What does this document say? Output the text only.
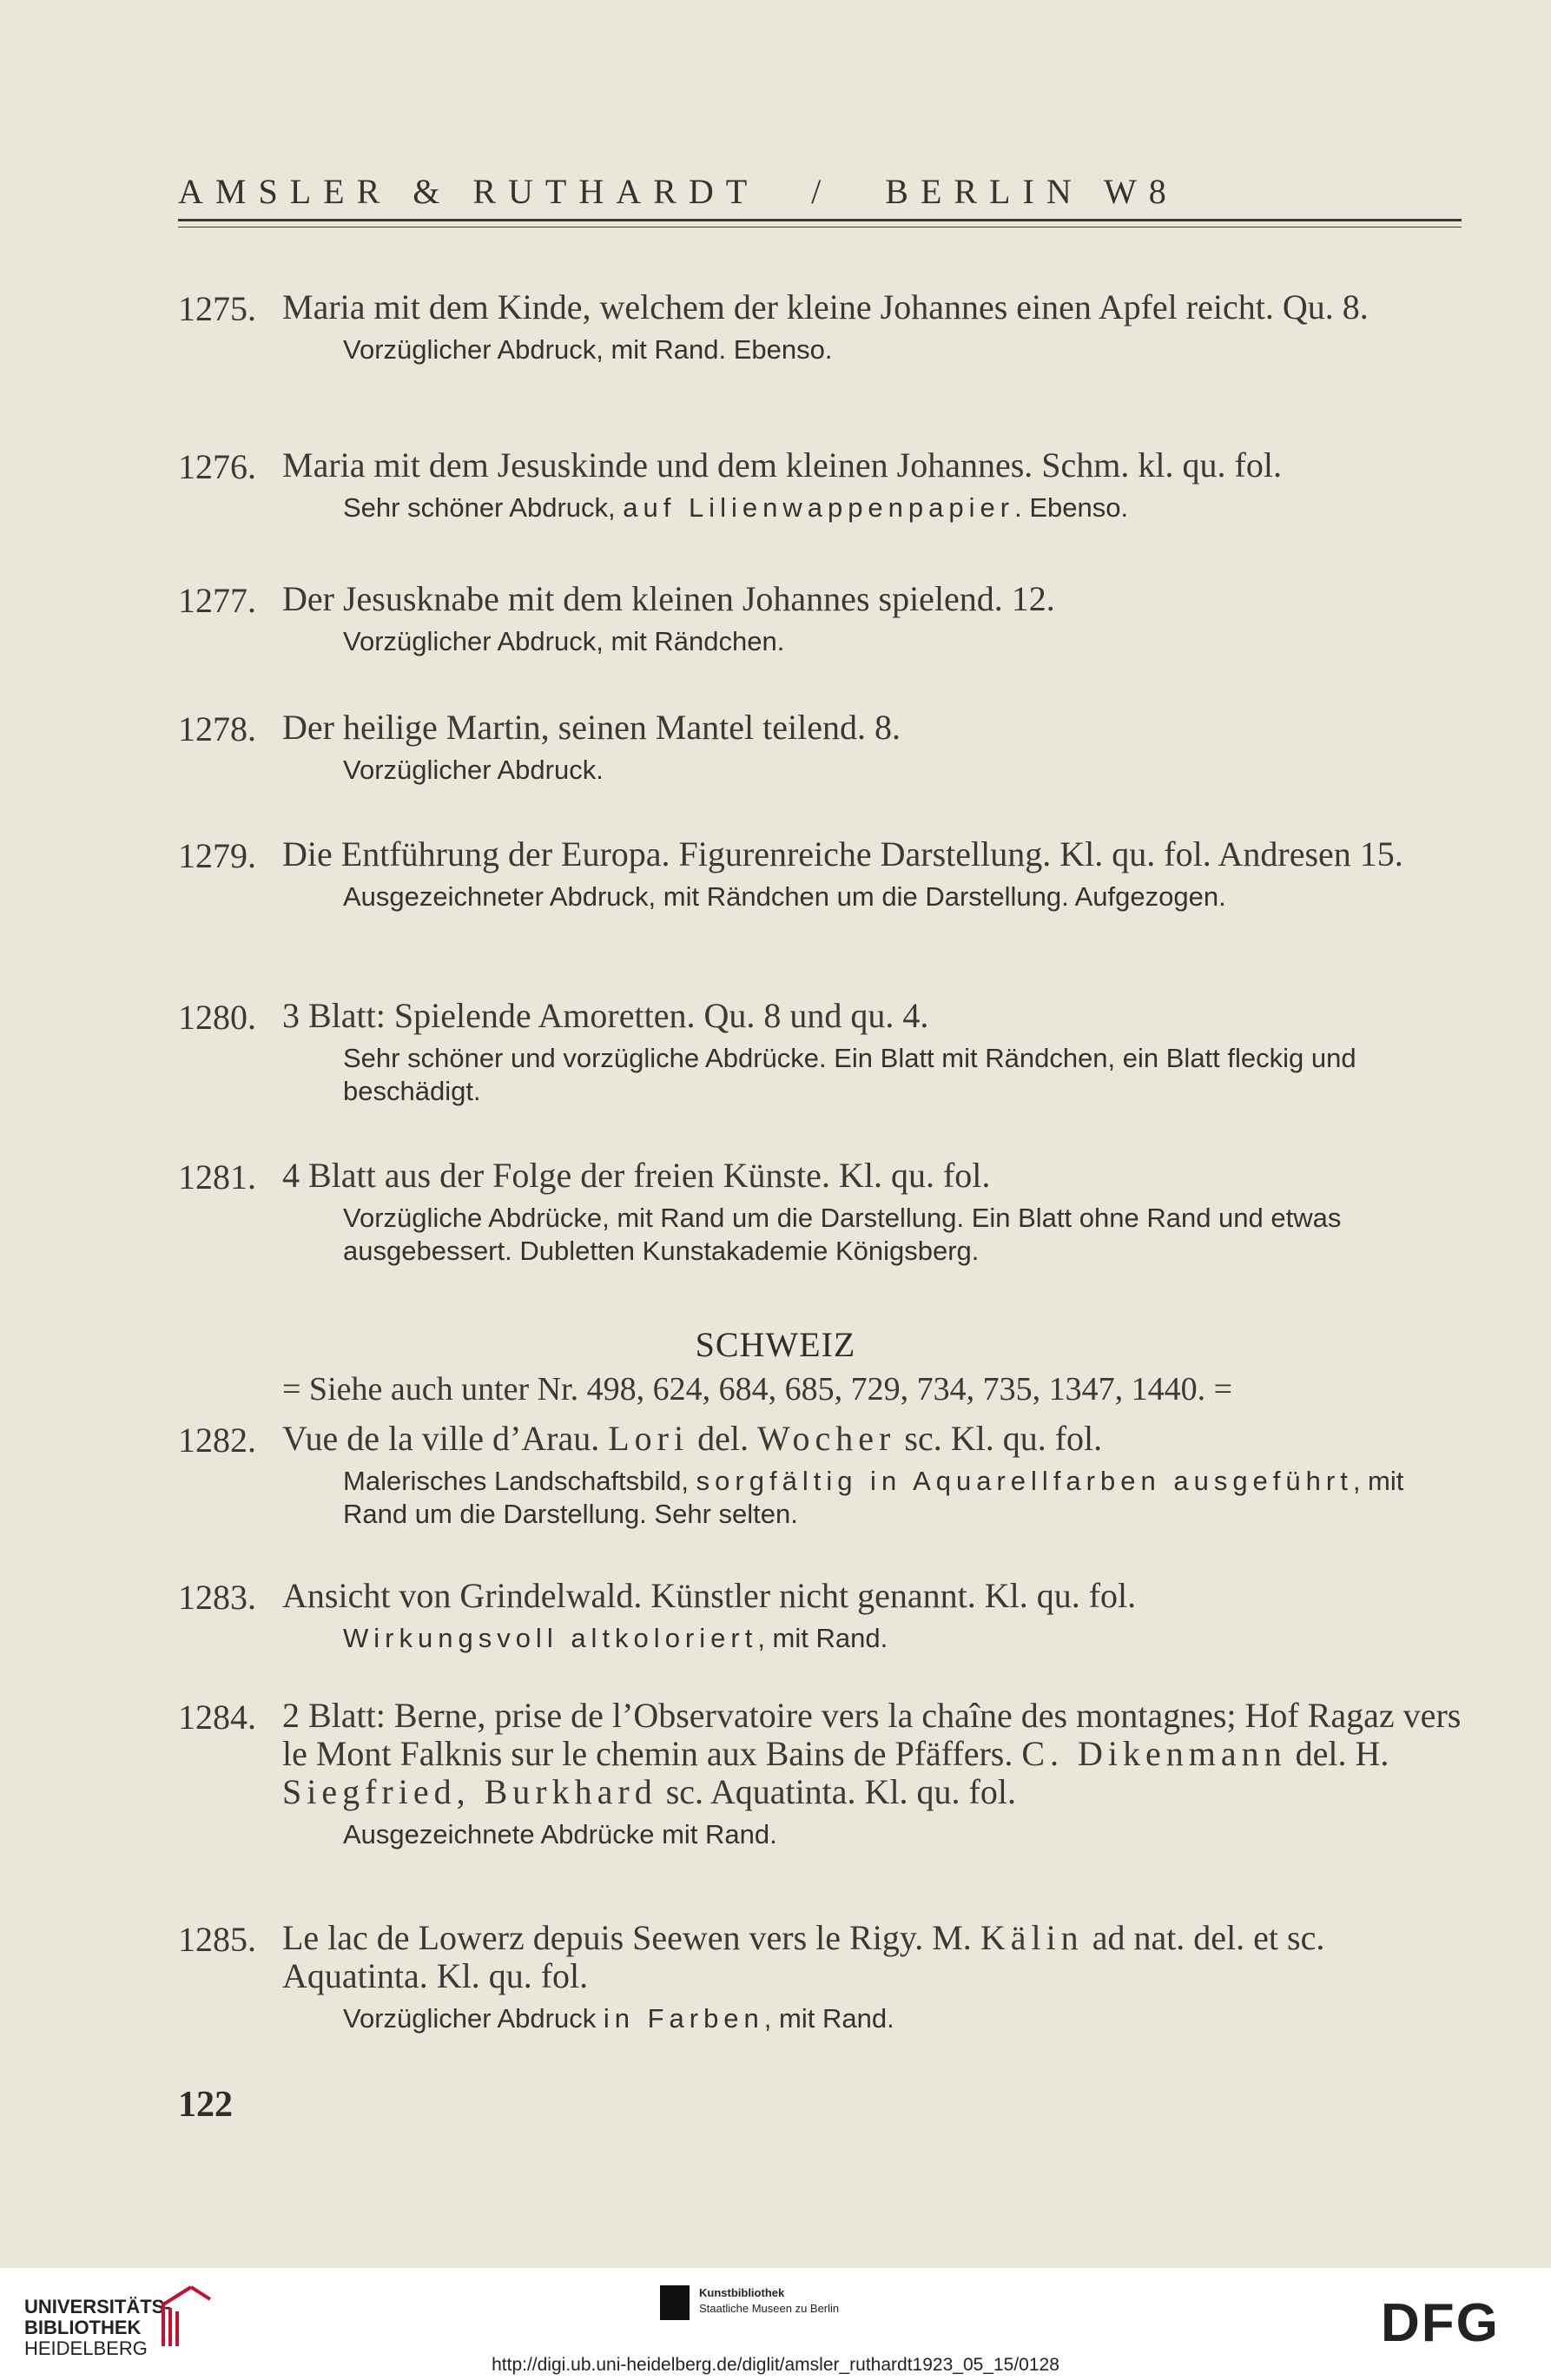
AMSLER & RUTHARDT / BERLIN W8
1275. Maria mit dem Kinde, welchem der kleine Johannes einen Apfel reicht. Qu. 8.
Vorzüglicher Abdruck, mit Rand. Ebenso.
1276. Maria mit dem Jesuskinde und dem kleinen Johannes. Schm. kl. qu. fol.
Sehr schöner Abdruck, auf Lilienwappenpapier. Ebenso.
1277. Der Jesusknabe mit dem kleinen Johannes spielend. 12.
Vorzüglicher Abdruck, mit Rändchen.
1278. Der heilige Martin, seinen Mantel teilend. 8.
Vorzüglicher Abdruck.
1279. Die Entführung der Europa. Figurenreiche Darstellung. Kl. qu. fol. Andresen 15.
Ausgezeichneter Abdruck, mit Rändchen um die Darstellung. Aufgezogen.
1280. 3 Blatt: Spielende Amoretten. Qu. 8 und qu. 4.
Sehr schöner und vorzügliche Abdrücke. Ein Blatt mit Rändchen, ein Blatt fleckig und beschädigt.
1281. 4 Blatt aus der Folge der freien Künste. Kl. qu. fol.
Vorzügliche Abdrücke, mit Rand um die Darstellung. Ein Blatt ohne Rand und etwas ausgebessert. Dubletten Kunstakademie Königsberg.
SCHWEIZ
= Siehe auch unter Nr. 498, 624, 684, 685, 729, 734, 735, 1347, 1440. =
1282. Vue de la ville d’Arau. Lori del. Wocher sc. Kl. qu. fol.
Malerisches Landschaftsbild, sorgfältig in Aquarellfarben ausgeführt, mit Rand um die Darstellung. Sehr selten.
1283. Ansicht von Grindelwald. Künstler nicht genannt. Kl. qu. fol.
Wirkungsvoll altkoloriert, mit Rand.
1284. 2 Blatt: Berne, prise de l’Observatoire vers la chaîne des montagnes; Hof Ragaz vers le Mont Falknis sur le chemin aux Bains de Pfäffers. C. Dikenmann del. H. Siegfried, Burkhard sc. Aquatinta. Kl. qu. fol.
Ausgezeichnete Abdrücke mit Rand.
1285. Le lac de Lowerz depuis Seewen vers le Rigy. M. Kälin ad nat. del. et sc. Aquatinta. Kl. qu. fol.
Vorzüglicher Abdruck in Farben, mit Rand.
122
UNIVERSITÄTS-
BIBLIOTHEK
HEIDELBERG
Kunstbibliothek
Staatliche Museen zu Berlin	DFG
http://digi.ub.uni-heidelberg.de/diglit/amsler_ruthardt1923_05_15/0128
